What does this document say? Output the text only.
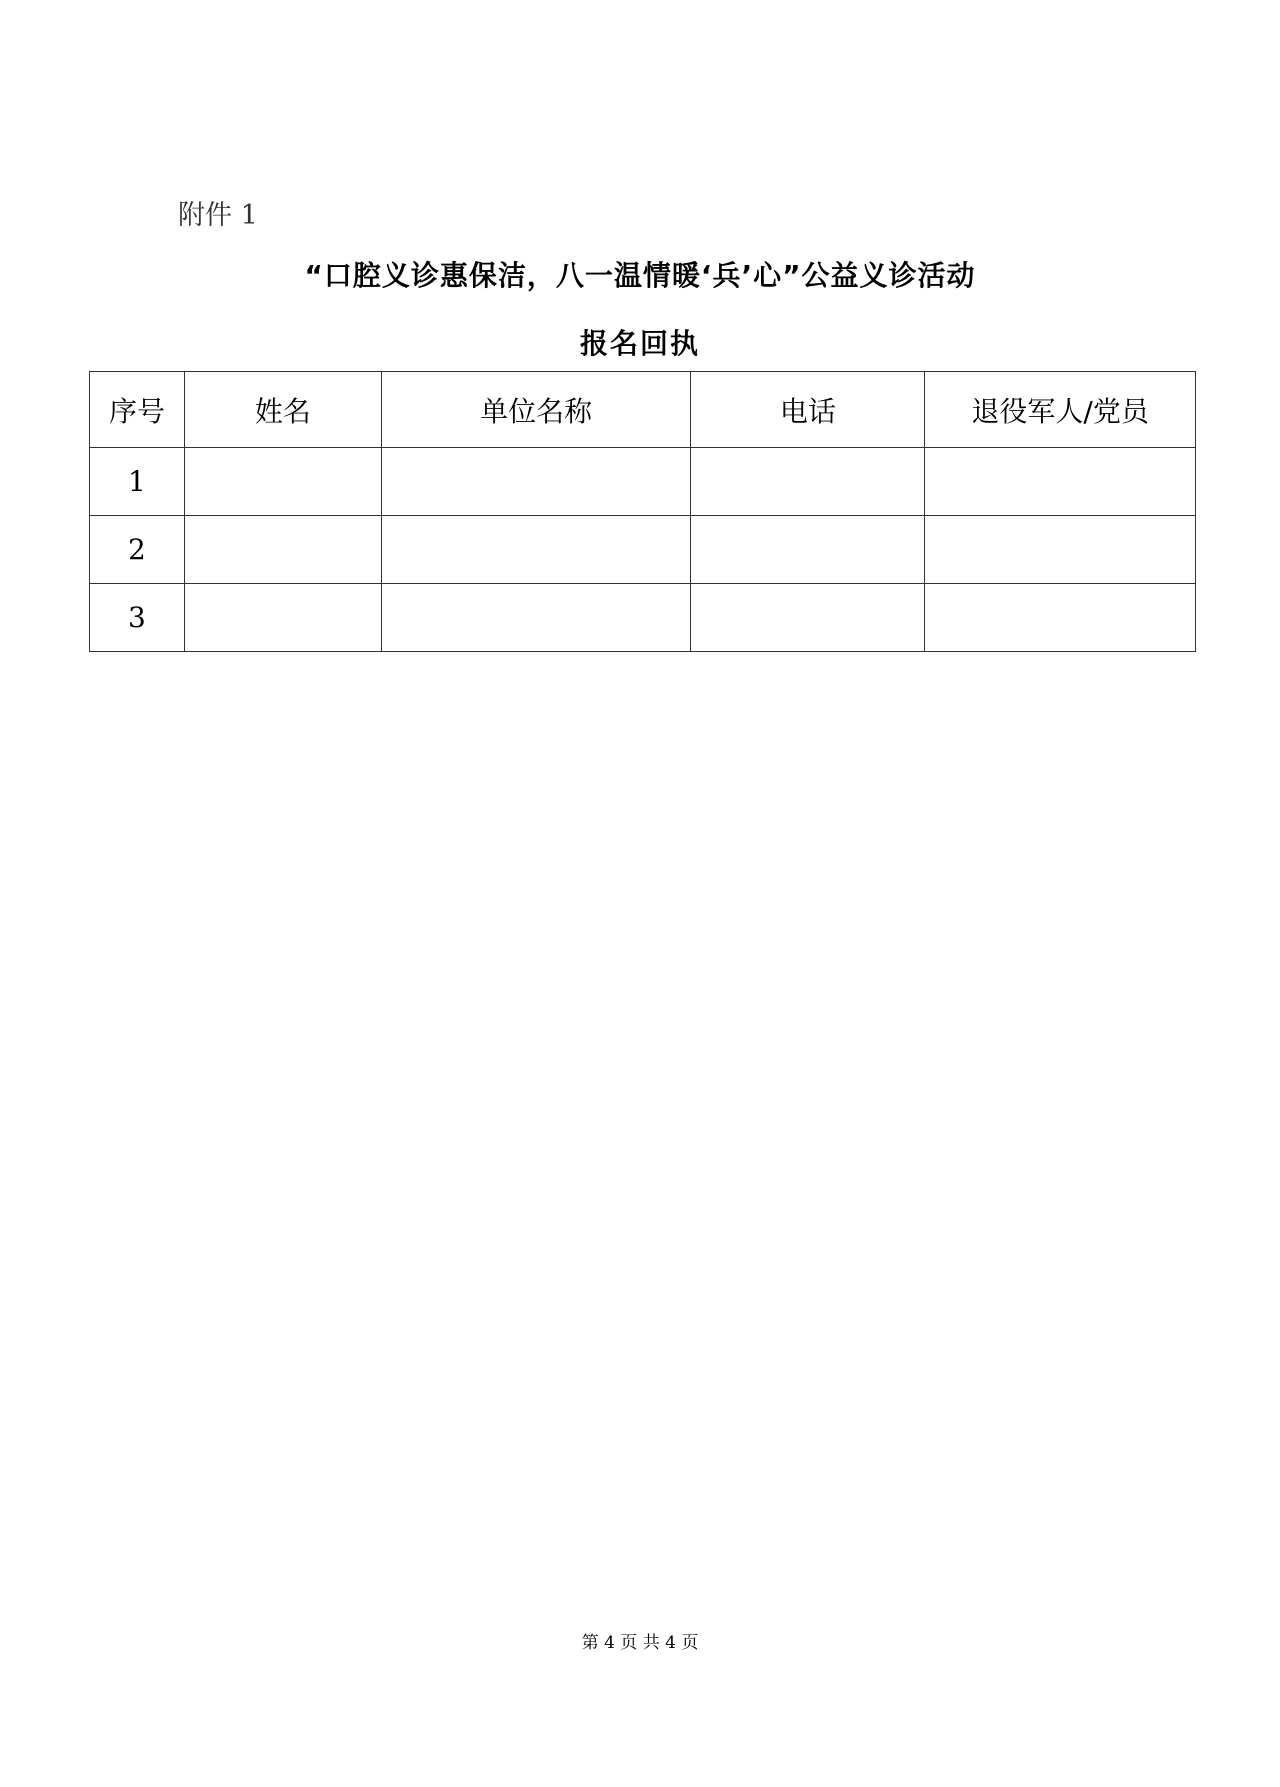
附件 1
“口腔义诊惠保洁，八一温情暖‘兵’心”公益义诊活动
报名回执
序号	姓名	单位名称	电话	退役军人/党员
1				
2				
3				
第 4 页 共 4 页
